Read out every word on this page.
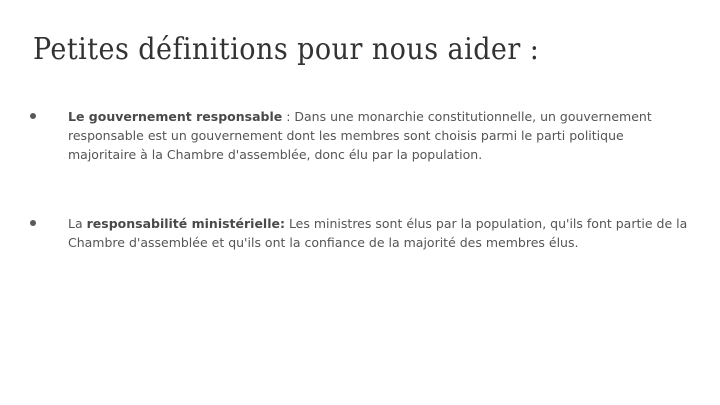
Petites définitions pour nous aider :
Le gouvernement responsable : Dans une monarchie constitutionnelle, un gouvernement responsable est un gouvernement dont les membres sont choisis parmi le parti politique majoritaire à la Chambre d'assemblée, donc élu par la population.
La responsabilité ministérielle: Les ministres sont élus par la population, qu'ils font partie de la Chambre d'assemblée et qu'ils ont la confiance de la majorité des membres élus.
